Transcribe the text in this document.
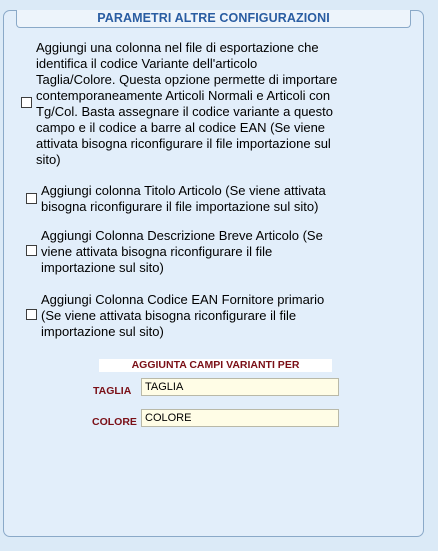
PARAMETRI ALTRE CONFIGURAZIONI
Aggiungi una colonna nel file di esportazione che
identifica il codice Variante dell'articolo
Taglia/Colore. Questa opzione permette di importare
contemporaneamente Articoli Normali e Articoli con
Tg/Col. Basta assegnare il codice variante a questo
campo e il codice a barre al codice EAN (Se viene
attivata bisogna riconfigurare il file importazione sul
sito)
Aggiungi colonna Titolo Articolo (Se viene attivata
bisogna riconfigurare il file importazione sul sito)
Aggiungi Colonna Descrizione Breve Articolo (Se
viene attivata bisogna riconfigurare il file
importazione sul sito)
Aggiungi Colonna Codice EAN Fornitore primario
(Se viene attivata bisogna riconfigurare il file
importazione sul sito)
AGGIUNTA CAMPI VARIANTI PER
TAGLIA
TAGLIA
COLORE
COLORE
